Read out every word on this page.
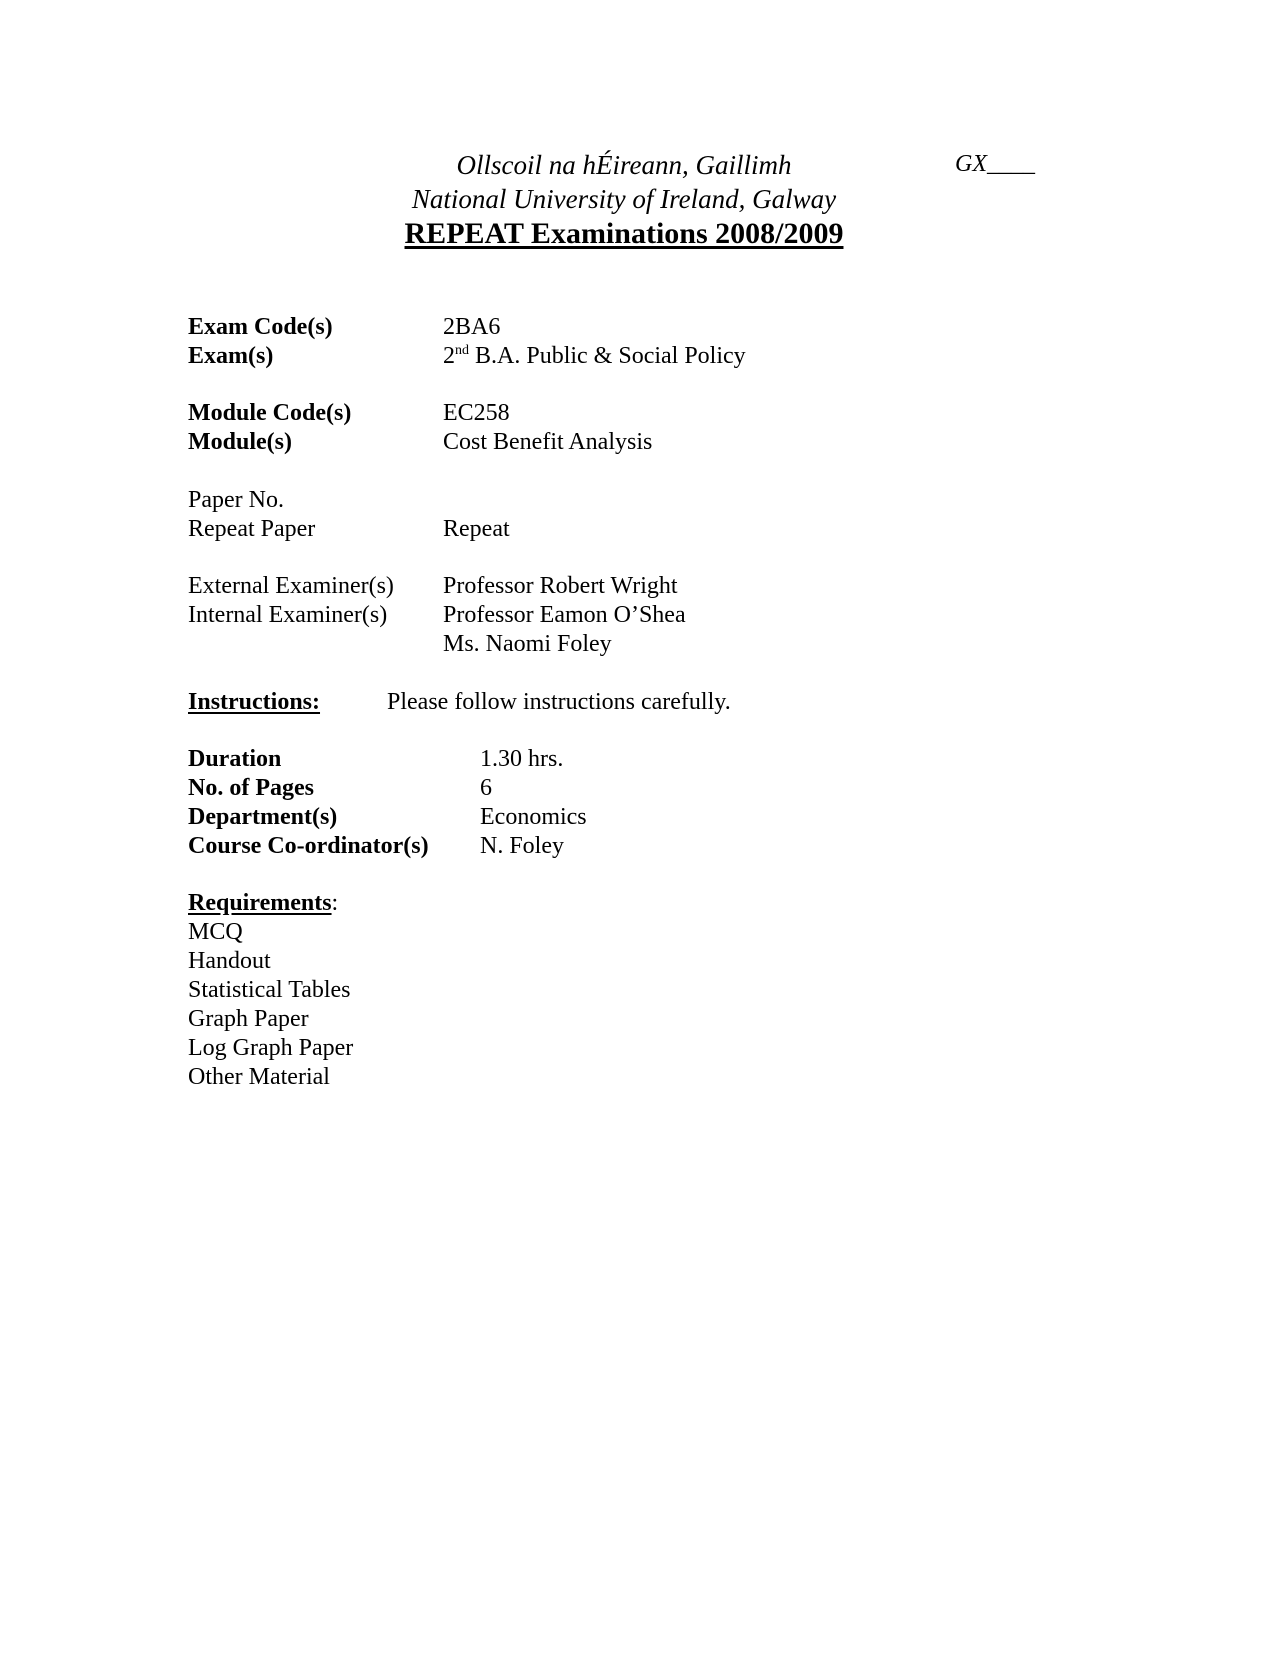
Ollscoil na hÉireann, Gaillimh
National University of Ireland, Galway
REPEAT Examinations 2008/2009
GX____
Exam Code(s)	2BA6
Exam(s)	2nd B.A. Public & Social Policy
Module Code(s)	EC258
Module(s)	Cost Benefit Analysis
Paper No.
Repeat Paper	Repeat
External Examiner(s) Professor Robert Wright
Internal Examiner(s) Professor Eamon O’Shea
Ms. Naomi Foley
Instructions:	Please follow instructions carefully.
Duration	1.30 hrs.
No. of Pages	6
Department(s)	Economics
Course Co-ordinator(s) N. Foley
Requirements:
MCQ
Handout
Statistical Tables
Graph Paper
Log Graph Paper
Other Material
